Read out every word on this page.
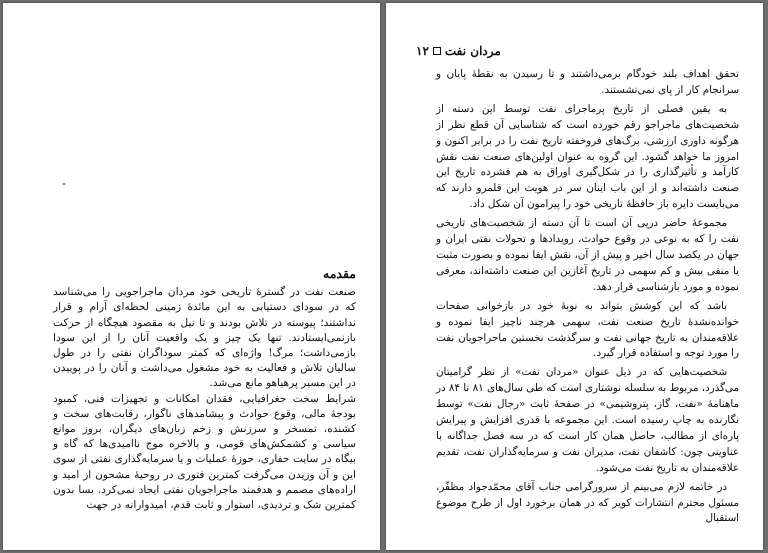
مقدمه

صنعت نفت در گسترۀ تاریخی خود مردان ماجراجویی را می‌شناسد که در سودای دستیابی به این مائدۀ زمینی لحظه‌ای آرام و قرار نداشتند؛ پیوسته در تلاش بودند و تا نیل به مقصود هیچگاه از حرکت بازنمی‌ایستادند. تنها یک چیز و یک واقعیت آنان را از این سودا بازمی‌داشت؛ مرگ! واژه‌ای که کمتر سوداگران نفتی را در طول سالیان تلاش و فعالیت به خود مشغول می‌داشت و آنان را در پوییدن در این مسیر پرهیاهو مانع می‌شد.

شرایط سخت جغرافیایی، فقدان امکانات و تجهیزات فنی، کمبود بودجۀ مالی، وقوع حوادث و پیشامدهای ناگوار، رقابت‌های سخت و کشنده، تمسخر و سرزنش و زخم زبان‌های دیگران، بروز موانع سیاسی و کشمکش‌های قومی، و بالاخره موج ناامیدی‌ها که گاه و بیگاه در سایت حفاری، حوزۀ عملیات و یا سرمایه‌گذاری نفتی از سوی این و آن وزیدن می‌گرفت کمترین فتوری در روحیۀ مشحون از امید و اراده‌های مصمم و هدفمند ماجراجویان نفتی ایجاد نمی‌کرد. بسا بدون کمترین شک و تردیدی، استوار و ثابت قدم، امیدوارانه در جهت

۱۲ مردان نفت

تحقق اهداف بلند خودگام برمی‌داشتند و تا رسیدن به نقطۀ پایان و سرانجام کار از پای نمی‌نشستند.

به یقین فصلی از تاریخ پرماجرای نفت توسط این دسته از شخصیت‌های ماجراجو رقم خورده است که شناسایی آن قطع نظر از هرگونه داوری ارزشی، برگ‌های فروخفته تاریخ نفت را در برابر اکنون و امروز ما خواهد گشود. این گروه به عنوان اولین‌های صنعت نفت نقش کارآمد و تأثیرگذاری را در شکل‌گیری اوراق به هم فشرده تاریخ این صنعت داشته‌اند و از این باب اینان سر در هویت این قلمرو دارند که می‌بایست دایره باز حافظۀ تاریخی خود را پیرامون آن شکل داد.

مجموعۀ حاضر درپی آن است تا آن دسته از شخصیت‌های تاریخی نفت را که به نوعی در وقوع حوادث، رویدادها و تحولات نفتی ایران و جهان در یکصد سال اخیر و پیش از آن، نقش ایفا نموده و بصورت مثبت یا منفی بیش و کم سهمی در تاریخ آغازین این صنعت داشته‌اند، معرفی نموده و مورد بازشناسی قرار دهد.

باشد که این کوشش بتواند به نوبۀ خود در بازخوانی صفحات خوانده‌نشدۀ تاریخ صنعت نفت، سهمی هرچند ناچیز ایفا نموده و علاقه‌مندان به تاریخ جهانی نفت و سرگذشت نخستین ماجراجویان نفت را مورد توجه و استفاده قرار گیرد.

شخصیت‌هایی که در ذیل عنوان «مردان نفت» از نظر گرامیتان می‌گذرد، مربوط به سلسله نوشتاری است که طی سال‌های ۸۱ تا ۸۴ در ماهنامۀ «نفت، گاز، پتروشیمی» در صفحۀ ثابت «رجال نفت» توسط نگارنده به چاپ رسیده است. این مجموعه با قدری افزایش و پیرایش پاره‌ای از مطالب، حاصل همان کار است که در سه فصل جداگانه با عناوینی چون: کاشفان نفت، مدیران نفت و سرمایه‌گذاران نفت، تقدیم علاقه‌مندان به تاریخ نفت می‌شود.

در خاتمه لازم می‌بینم از سرورگرامی جناب آقای محمّدجواد مظفّر، مسئول محترم انتشارات کویر که در همان برخورد اول از طرح موضوع استقبال
